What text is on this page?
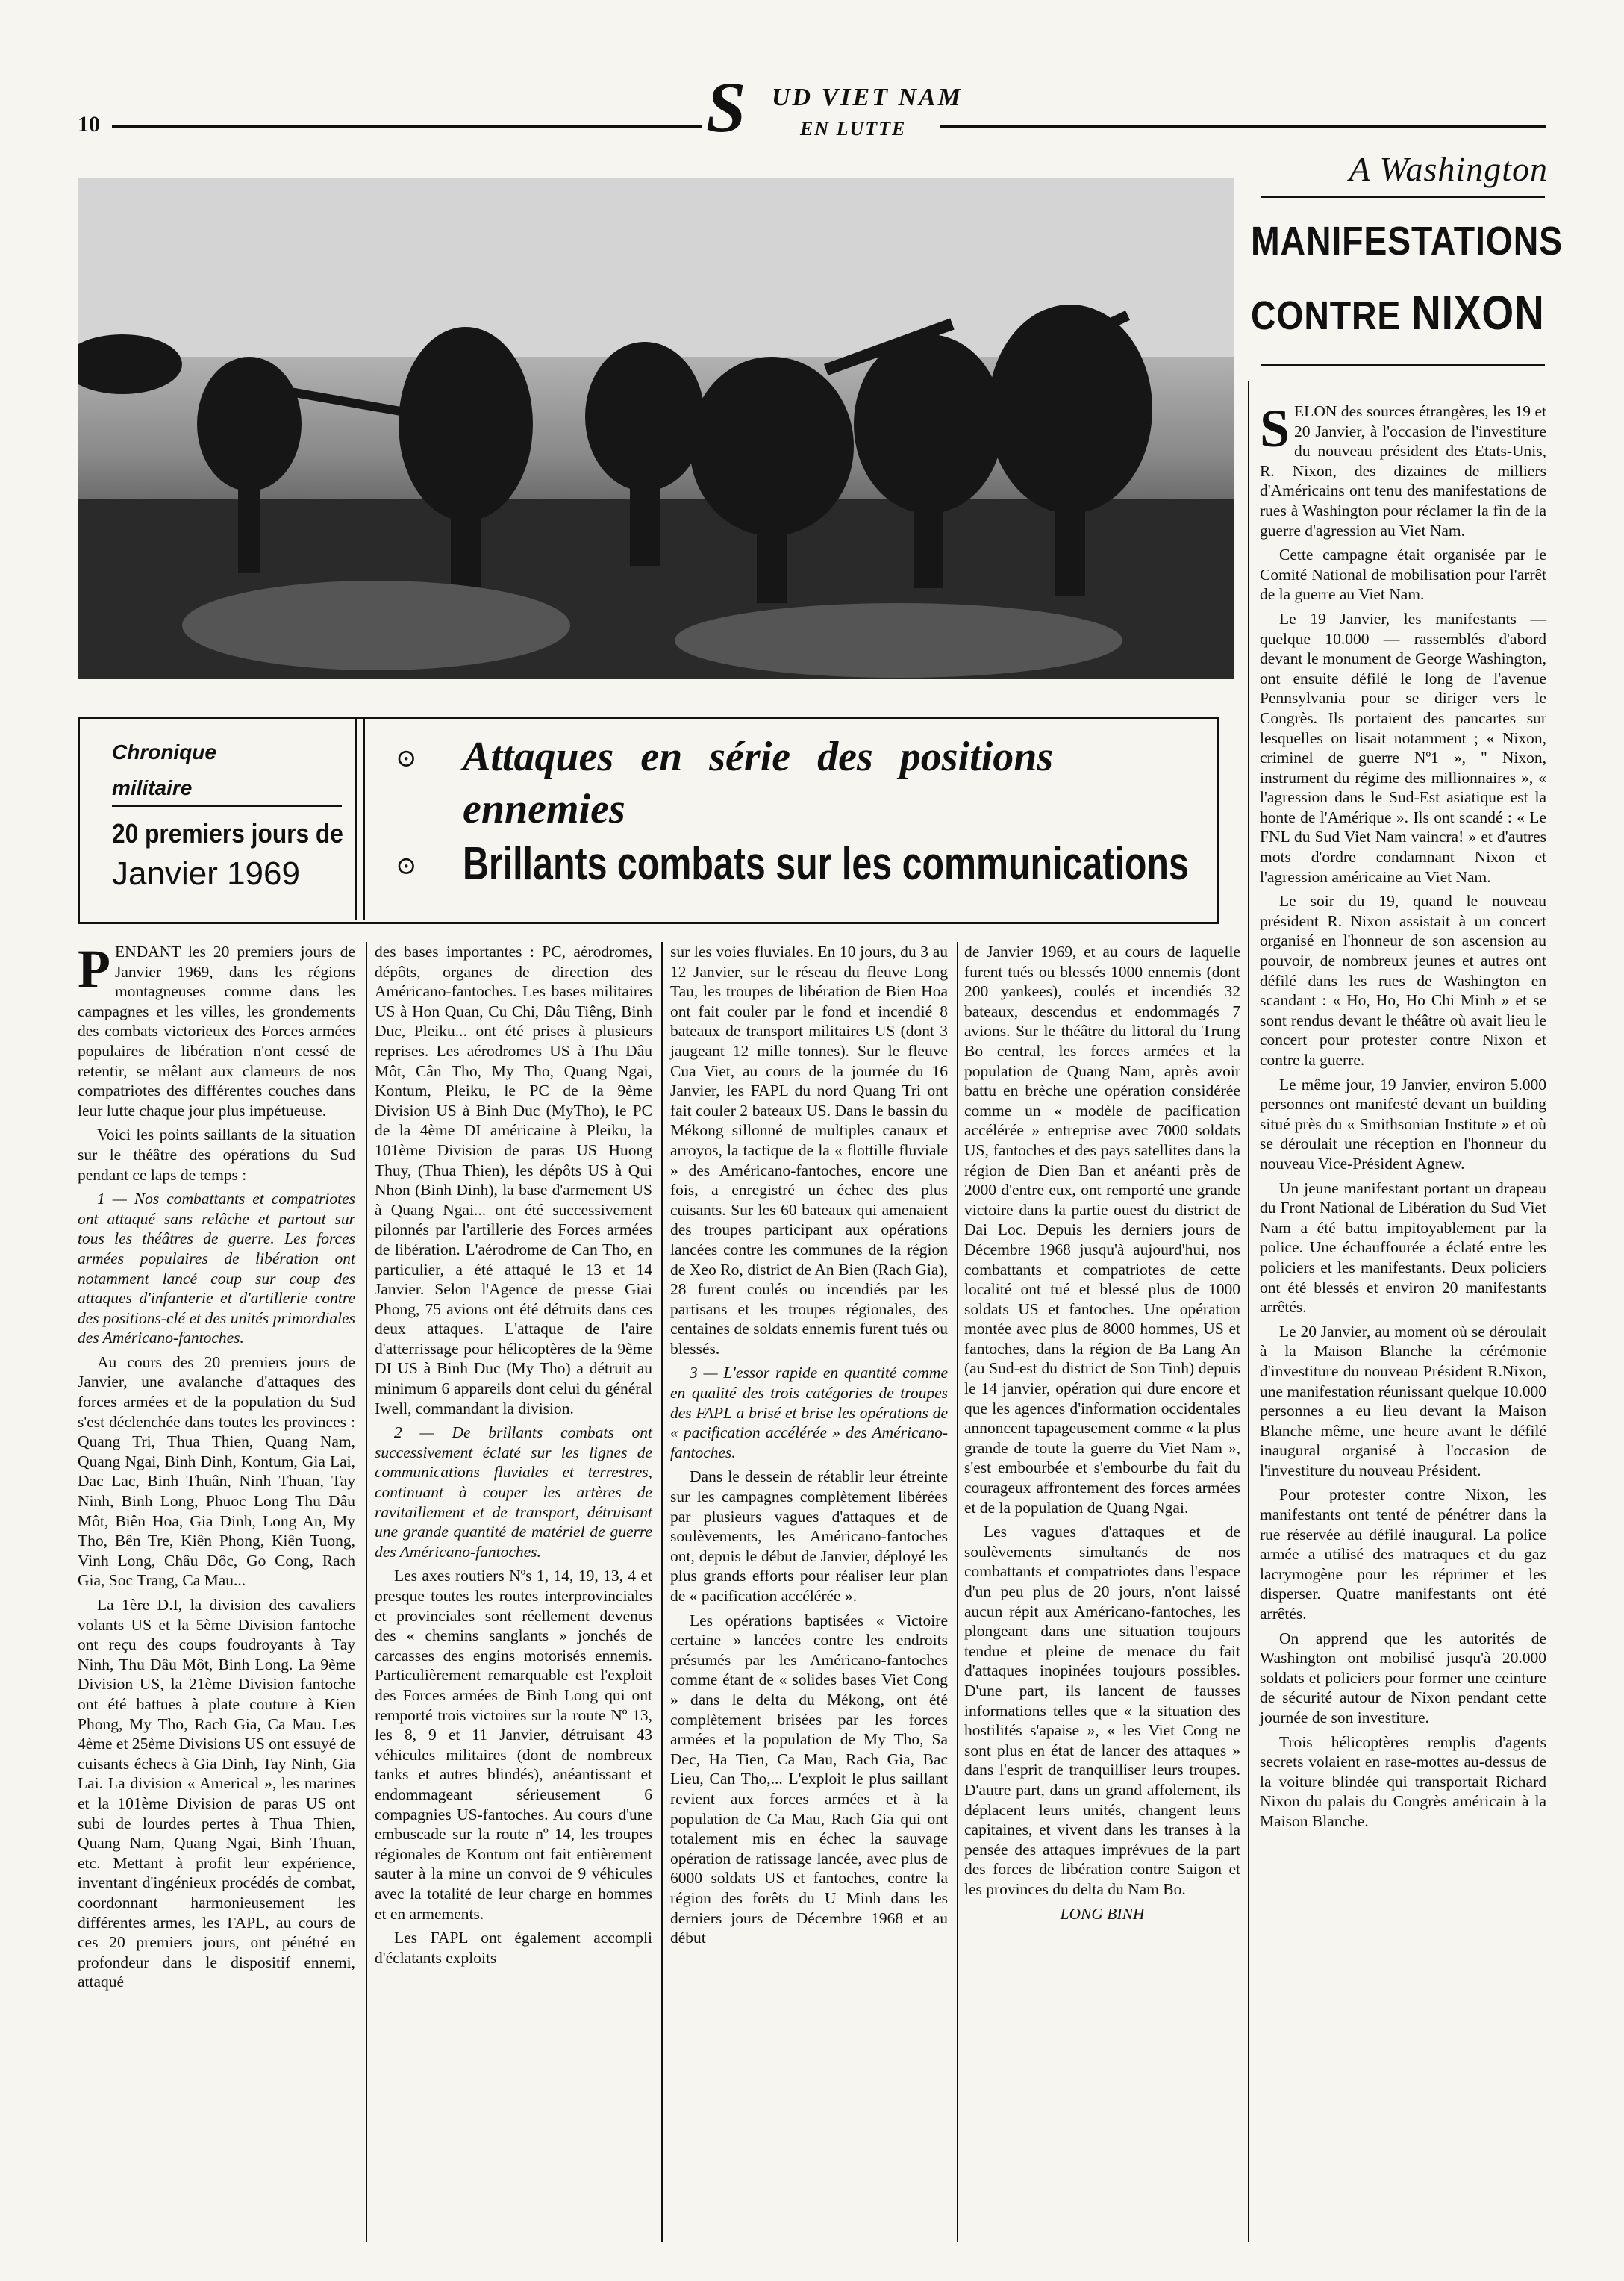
10	S UD VIET NAM
EN LUTTE
A Washington
MANIFESTATIONS
CONTRE NIXON

SELON des sources étrangères, les 19 et 20 Janvier, à l'occasion de l'investiture du nouveau président des Etats-Unis, R. Nixon, des dizaines de milliers d'Américains ont tenu des manifestations de rues à Washington pour réclamer la fin de la guerre d'agression au Viet Nam.

Cette campagne était organisée par le Comité National de mobilisation pour l'arrêt de la guerre au Viet Nam.

Le 19 Janvier, les manifestants — quelque 10.000 — rassemblés d'abord devant le monument de George Washington, ont ensuite défilé le long de l'avenue Pennsylvania pour se diriger vers le Congrès. Ils portaient des pancartes sur lesquelles on lisait notamment ; « Nixon, criminel de guerre Nº1 », " Nixon, instrument du régime des millionnaires », « l'agression dans le Sud-Est asiatique est la honte de l'Amérique ». Ils ont scandé : « Le FNL du Sud Viet Nam vaincra! » et d'autres mots d'ordre condamnant Nixon et l'agression américaine au Viet Nam.

Le soir du 19, quand le nouveau président R. Nixon assistait à un concert organisé en l'honneur de son ascension au pouvoir, de nombreux jeunes et autres ont défilé dans les rues de Washington en scandant : « Ho, Ho, Ho Chi Minh » et se sont rendus devant le théâtre où avait lieu le concert pour protester contre Nixon et contre la guerre.

Le même jour, 19 Janvier, environ 5.000 personnes ont manifesté devant un building situé près du « Smithsonian Institute » et où se déroulait une réception en l'honneur du nouveau Vice-Président Agnew.

Un jeune manifestant portant un drapeau du Front National de Libération du Sud Viet Nam a été battu impitoyablement par la police. Une échauffourée a éclaté entre les policiers et les manifestants. Deux policiers ont été blessés et environ 20 manifestants arrêtés.

Le 20 Janvier, au moment où se déroulait à la Maison Blanche la cérémonie d'investiture du nouveau Président R.Nixon, une manifestation réunissant quelque 10.000 personnes a eu lieu devant la Maison Blanche même, une heure avant le défilé inaugural organisé à l'occasion de l'investiture du nouveau Président.

Pour protester contre Nixon, les manifestants ont tenté de pénétrer dans la rue réservée au défilé inaugural. La police armée a utilisé des matraques et du gaz lacrymogène pour les réprimer et les disperser. Quatre manifestants ont été arrêtés.

On apprend que les autorités de Washington ont mobilisé jusqu'à 20.000 soldats et policiers pour former une ceinture de sécurité autour de Nixon pendant cette journée de son investiture.

Trois hélicoptères remplis d'agents secrets volaient en rase-mottes au-dessus de la voiture blindée qui transportait Richard Nixon du palais du Congrès américain à la Maison Blanche.

Chronique
militaire
20 premiers jours de
Janvier 1969
⊙ Attaques en série des positions
ennemies
⊙ Brillants combats sur les communications

PENDANT les 20 premiers jours de Janvier 1969, dans les régions montagneuses comme dans les campagnes et les villes, les grondements des combats victorieux des Forces armées populaires de libération n'ont cessé de retentir, se mêlant aux clameurs de nos compatriotes des différentes couches dans leur lutte chaque jour plus impétueuse.

Voici les points saillants de la situation sur le théâtre des opérations du Sud pendant ce laps de temps :

1 — Nos combattants et compatriotes ont attaqué sans relâche et partout sur tous les théâtres de guerre. Les forces armées populaires de libération ont notamment lancé coup sur coup des attaques d'infanterie et d'artillerie contre des positions-clé et des unités primordiales des Américano-fantoches.

Au cours des 20 premiers jours de Janvier, une avalanche d'attaques des forces armées et de la population du Sud s'est déclenchée dans toutes les provinces : Quang Tri, Thua Thien, Quang Nam, Quang Ngai, Binh Dinh, Kontum, Gia Lai, Dac Lac, Binh Thuân, Ninh Thuan, Tay Ninh, Binh Long, Phuoc Long Thu Dâu Môt, Biên Hoa, Gia Dinh, Long An, My Tho, Bên Tre, Kiên Phong, Kiên Tuong, Vinh Long, Châu Dôc, Go Cong, Rach Gia, Soc Trang, Ca Mau...

La 1ère D.I, la division des cavaliers volants US et la 5ème Division fantoche ont reçu des coups foudroyants à Tay Ninh, Thu Dâu Môt, Binh Long. La 9ème Division US, la 21ème Division fantoche ont été battues à plate couture à Kien Phong, My Tho, Rach Gia, Ca Mau. Les 4ème et 25ème Divisions US ont essuyé de cuisants échecs à Gia Dinh, Tay Ninh, Gia Lai. La division « Americal », les marines et la 101ème Division de paras US ont subi de lourdes pertes à Thua Thien, Quang Nam, Quang Ngai, Binh Thuan, etc. Mettant à profit leur expérience, inventant d'ingénieux procédés de combat, coordonnant harmonieusement les différentes armes, les FAPL, au cours de ces 20 premiers jours, ont pénétré en profondeur dans le dispositif ennemi, attaqué

des bases importantes : PC, aérodromes, dépôts, organes de direction des Américano-fantoches. Les bases militaires US à Hon Quan, Cu Chi, Dâu Tiêng, Binh Duc, Pleiku... ont été prises à plusieurs reprises. Les aérodromes US à Thu Dâu Môt, Cân Tho, My Tho, Quang Ngai, Kontum, Pleiku, le PC de la 9ème Division US à Binh Duc (MyTho), le PC de la 4ème DI américaine à Pleiku, la 101ème Division de paras US Huong Thuy, (Thua Thien), les dépôts US à Qui Nhon (Binh Dinh), la base d'armement US à Quang Ngai... ont été successivement pilonnés par l'artillerie des Forces armées de libération. L'aérodrome de Can Tho, en particulier, a été attaqué le 13 et 14 Janvier. Selon l'Agence de presse Giai Phong, 75 avions ont été détruits dans ces deux attaques. L'attaque de l'aire d'atterrissage pour hélicoptères de la 9ème DI US à Binh Duc (My Tho) a détruit au minimum 6 appareils dont celui du général Iwell, commandant la division.

2 — De brillants combats ont successivement éclaté sur les lignes de communications fluviales et terrestres, continuant à couper les artères de ravitaillement et de transport, détruisant une grande quantité de matériel de guerre des Américano-fantoches.

Les axes routiers Nºs 1, 14, 19, 13, 4 et presque toutes les routes interprovinciales et provinciales sont réellement devenus des « chemins sanglants » jonchés de carcasses des engins motorisés ennemis. Particulièrement remarquable est l'exploit des Forces armées de Binh Long qui ont remporté trois victoires sur la route Nº 13, les 8, 9 et 11 Janvier, détruisant 43 véhicules militaires (dont de nombreux tanks et autres blindés), anéantissant et endommageant sérieusement 6 compagnies US-fantoches. Au cours d'une embuscade sur la route nº 14, les troupes régionales de Kontum ont fait entièrement sauter à la mine un convoi de 9 véhicules avec la totalité de leur charge en hommes et en armements.

Les FAPL ont également accompli d'éclatants exploits

sur les voies fluviales. En 10 jours, du 3 au 12 Janvier, sur le réseau du fleuve Long Tau, les troupes de libération de Bien Hoa ont fait couler par le fond et incendié 8 bateaux de transport militaires US (dont 3 jaugeant 12 mille tonnes). Sur le fleuve Cua Viet, au cours de la journée du 16 Janvier, les FAPL du nord Quang Tri ont fait couler 2 bateaux US. Dans le bassin du Mékong sillonné de multiples canaux et arroyos, la tactique de la « flottille fluviale » des Américano-fantoches, encore une fois, a enregistré un échec des plus cuisants. Sur les 60 bateaux qui amenaient des troupes participant aux opérations lancées contre les communes de la région de Xeo Ro, district de An Bien (Rach Gia), 28 furent coulés ou incendiés par les partisans et les troupes régionales, des centaines de soldats ennemis furent tués ou blessés.

3 — L'essor rapide en quantité comme en qualité des trois catégories de troupes des FAPL a brisé et brise les opérations de « pacification accélérée » des Américano-fantoches.

Dans le dessein de rétablir leur étreinte sur les campagnes complètement libérées par plusieurs vagues d'attaques et de soulèvements, les Américano-fantoches ont, depuis le début de Janvier, déployé les plus grands efforts pour réaliser leur plan de « pacification accélérée ».

Les opérations baptisées « Victoire certaine » lancées contre les endroits présumés par les Américano-fantoches comme étant de « solides bases Viet Cong » dans le delta du Mékong, ont été complètement brisées par les forces armées et la population de My Tho, Sa Dec, Ha Tien, Ca Mau, Rach Gia, Bac Lieu, Can Tho,... L'exploit le plus saillant revient aux forces armées et à la population de Ca Mau, Rach Gia qui ont totalement mis en échec la sauvage opération de ratissage lancée, avec plus de 6000 soldats US et fantoches, contre la région des forêts du U Minh dans les derniers jours de Décembre 1968 et au début

de Janvier 1969, et au cours de laquelle furent tués ou blessés 1000 ennemis (dont 200 yankees), coulés et incendiés 32 bateaux, descendus et endommagés 7 avions. Sur le théâtre du littoral du Trung Bo central, les forces armées et la population de Quang Nam, après avoir battu en brèche une opération considérée comme un « modèle de pacification accélérée » entreprise avec 7000 soldats US, fantoches et des pays satellites dans la région de Dien Ban et anéanti près de 2000 d'entre eux, ont remporté une grande victoire dans la partie ouest du district de Dai Loc. Depuis les derniers jours de Décembre 1968 jusqu'à aujourd'hui, nos combattants et compatriotes de cette localité ont tué et blessé plus de 1000 soldats US et fantoches. Une opération montée avec plus de 8000 hommes, US et fantoches, dans la région de Ba Lang An (au Sud-est du district de Son Tinh) depuis le 14 janvier, opération qui dure encore et que les agences d'information occidentales annoncent tapageusement comme « la plus grande de toute la guerre du Viet Nam », s'est embourbée et s'embourbe du fait du courageux affrontement des forces armées et de la population de Quang Ngai.

Les vagues d'attaques et de soulèvements simultanés de nos combattants et compatriotes dans l'espace d'un peu plus de 20 jours, n'ont laissé aucun répit aux Américano-fantoches, les plongeant dans une situation toujours tendue et pleine de menace du fait d'attaques inopinées toujours possibles. D'une part, ils lancent de fausses informations telles que « la situation des hostilités s'apaise », « les Viet Cong ne sont plus en état de lancer des attaques » dans l'esprit de tranquilliser leurs troupes. D'autre part, dans un grand affolement, ils déplacent leurs unités, changent leurs capitaines, et vivent dans les transes à la pensée des attaques imprévues de la part des forces de libération contre Saigon et les provinces du delta du Nam Bo.

LONG BINH
